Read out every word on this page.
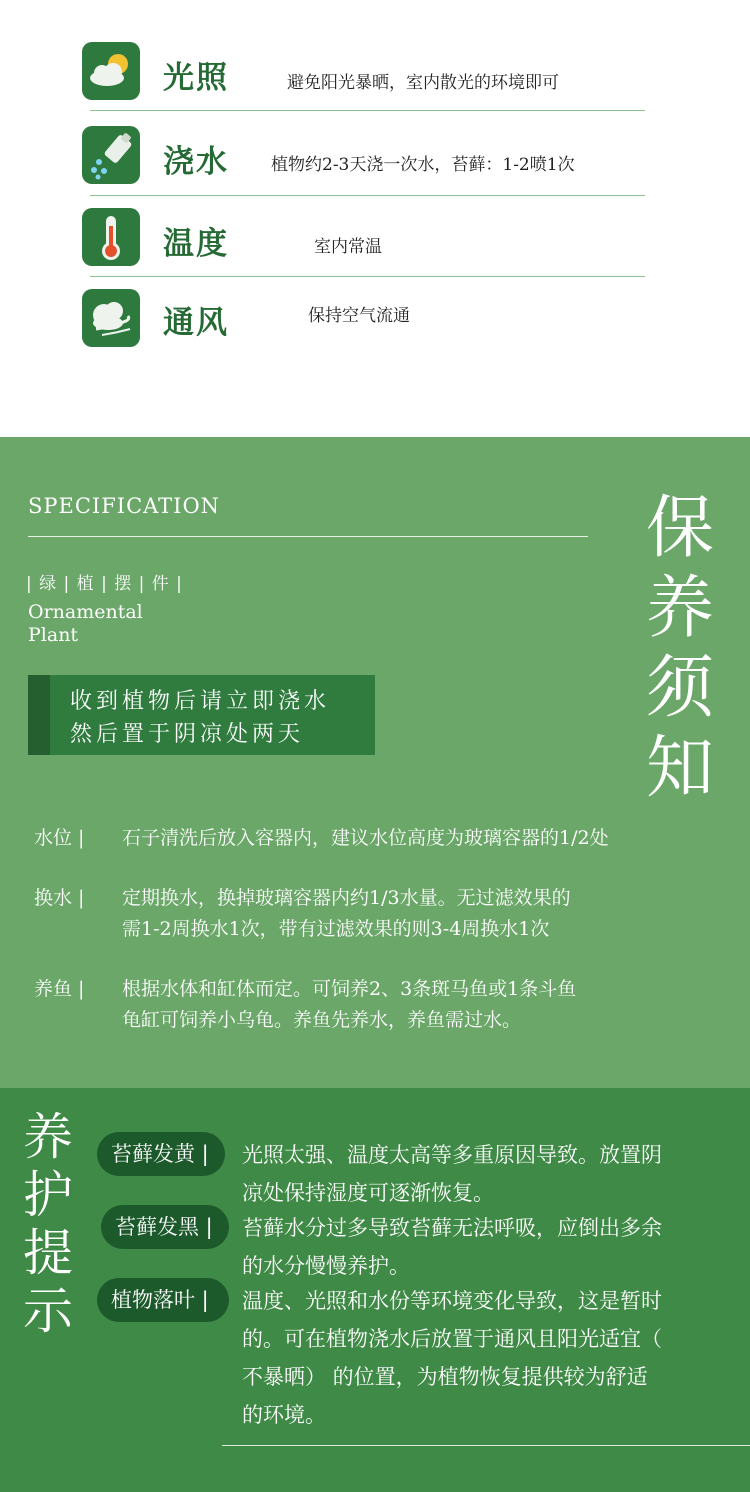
光照	避免阳光暴晒，室内散光的环境即可
浇水 植物约2-3天浇一次水，苔藓：1-2喷1次
温度	室内常温
通风	保持空气流通
SPECIFICATION
| 绿 | 植 | 摆 | 件 |
Ornamental
Plant
收到植物后请立即浇水
然后置于阴凉处两天
保
养
须
知
水位 | 石子清洗后放入容器内，建议水位高度为玻璃容器的1/2处
换水 | 定期换水，换掉玻璃容器内约1/3水量。无过滤效果的
需1-2周换水1次，带有过滤效果的则3-4周换水1次
养鱼 | 根据水体和缸体而定。可饲养2、3条斑马鱼或1条斗鱼
龟缸可饲养小乌龟。养鱼先养水，养鱼需过水。
养
护
提
示
苔藓发黄 |	光照太强、温度太高等多重原因导致。放置阴
凉处保持湿度可逐渐恢复。
苔藓发黑 |	苔藓水分过多导致苔藓无法呼吸，应倒出多余
的水分慢慢养护。
植物落叶 |	温度、光照和水份等环境变化导致，这是暂时
的。可在植物浇水后放置于通风且阳光适宜（
不暴晒） 的位置，为植物恢复提供较为舒适
的环境。
